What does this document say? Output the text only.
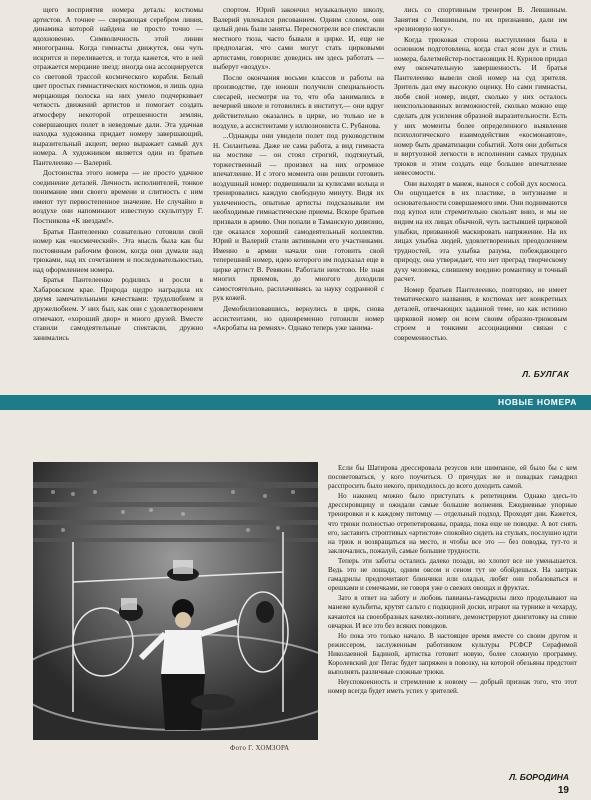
щего восприятия номера деталь: костюмы артистов. А точнее — сверкающая серебром линия, динамика которой найдена не просто точно — вдохновенно. Символичность этой линии многогранна. Когда гимнасты движутся, она чуть искрится и переливается, и тогда кажется, что в ней отражается мерцание звезд: иногда она ассоциируется со световой трассой космического корабля. Белый цвет простых гимнастических костюмов, и лишь одна мерцающая полоска на них умело подчеркивает четкость движений артистов и помогает создать атмосферу некоторой отрешенности землян, совершающих полет в неведомые дали. Эта удачная находка художника придает номеру завершающий, выразительный акцент, верно выражает самый дух номера. А художником является один из братьев Пантелеенко — Валерий.

Достоинства этого номера — не просто удачное соединение деталей. Личность исполнителей, тонкое понимание ими своего времени и слитность с ним имеют тут первостепенное значение. Не случайно в воздухе они напоминают известную скульптуру Г. Постникова «К звездам!».

Братья Пантелеенко сознательно готовили свой номер как «космический». Эта мысль была как бы постоянным рабочим фоном, когда они думали над трюками, над их сочетанием и последовательностью, над оформлением номера.

Братья Пантелеенко родились и росли в Хабаровском крае. Природа щедро наградила их двумя замечательными качествами: трудолюбием и дружелюбием. У них был, как они с удовлетворением отмечают, «хороший двор» и много друзей. Вместе ставили самодеятельные спектакли, дружно занимались

спортом. Юрий закончил музыкальную школу, Валерий увлекался рисованием. Одним словом, они целый день были заняты. Пересмотрели все спектакли местного тюза, часто бывали в цирке. И, еще не предполагая, что сами могут стать цирковыми артистами, говорили: доведись им здесь работать — выберут «воздух».

После окончания восьми классов и работы на производстве, где юноши получили специальность слесарей, несмотря на то, что оба занимались в вечерней школе и готовились в институт,— они вдруг действительно оказались в цирке, но только не в воздухе, а ассистентами у иллюзиониста С. Рубанова.

...Однажды они увидели полет под руководством Н. Силантьева. Даже не сама работа, а вид гимнаста на мостике — он стоял строгий, подтянутый, торжественный — произвел на них огромное впечатление. И с этого момента они решили готовить воздушный номер: подвешивали за кулисами кольца и тренировались каждую свободную минуту. Видя их увлеченность, опытные артисты подсказывали им необходимые гимнастические приемы. Вскоре братьев призвали в армию. Они попали в Таманскую дивизию, где оказался хороший самодеятельный коллектив. Юрий и Валерий стали активными его участниками. Именно в армии начали они готовить свой теперешний номер, идею которого им подсказал еще в цирке артист В. Ревякин. Работали неистово. Не зная многих приемов, до многого доходили самостоятельно, расплачиваясь за науку содранной с рук кожей.

Демобилизовавшись, вернулись в цирк, снова ассистентами, но одновременно готовили номер «Акробаты на ремнях». Однако теперь уже занима-

лись со спортивным тренером В. Левшиным. Занятия с Левшиным, по их признанию, дали им «резиновую ногу».

Когда трюковая сторона выступления была в основном подготовлена, когда стал ясен дух и стиль номера, балетмейстер-постановщик Н. Курилов придал ему окончательную завершенность. И братья Пантелеенко вывели свой номер на суд зрителя. Зритель дал ему высокую оценку. Но сами гимнасты, любя свой номер, видят, сколько у них осталось неиспользованных возможностей, сколько можно еще сделать для усиления образной выразительности. Есть у них моменты более определенного выявления психологического взаимодействия «космонавтов», номер быть драматизации событий. Хотя они добиться и виртуозной легкости в исполнении самых трудных трюков и этим создать еще большее впечатление невесомости.

Они выходят в манеж, вынося с собой дух космоса. Он ощущается в их пластике, в энтузиазме и основательности совершаемого ими. Они поднимаются под купол или стремительно скользят вниз, и мы не видим на их лицах обычной, чуть застывшей цирковой улыбки, призванной маскировать напряжение. На их лицах улыбка людей, удовлетворенных преодолением трудностей, эта улыбка разума, побеждающего природу, она утверждает, что нет преград творческому духу человека, слившему воедино романтику и точный расчет.

Номер братьев Пантелеенко, повторяю, не имеет тематического названия, в костюмах нет конкретных деталей, отвечающих заданной теме, но как истинно цирковой номер он всем своим образно-трюковым строем и тонкими ассоциациями связан с современностью.

Л. БУЛГАК
НОВЫЕ НОМЕРА
Фото Г. ХОМЗОРА

Если бы Шатирова дрессировала резусов или шимпанзе, ей было бы с кем посоветоваться, у кого поучиться. О причудах же и повадках гамадрил расспросить было некого, приходилось до всего доходить самой.

Но наконец можно было приступать к репетициям. Однако здесь-то дрессировщицу и ожидали самые большие волнения. Ежедневные упорные тренировки и к каждому питомцу — отдельный подход. Проходят дни. Кажется, что трюки полностью отрепетированы, правда, пока еще не поводке. А вот снять его, заставить строптивых «артистов» спокойно сидеть на стульях, послушно идти на трюк и возвращаться на место, и чтобы все это — без поводка, тут-то и заключались, пожалуй, самые большие трудности.

Теперь эти заботы остались далеко позади, но хлопот все не уменьшается. Ведь это не лошади, одним овсом и сеном тут не обойдешься. На завтрак гамадрилы предпочитают блинчики или оладьи, любят они побаловаться и орешками и семечками, не говоря уже о свежих овощах и фруктах.

Зато в ответ на заботу и любовь павианы-гамадрилы лихо проделывают на манеже кульбиты, крутят сальто с подкидной доски, играют на турнике в чехарду, качаются на своеобразных качелях-лопинге, демонстрируют джигитовку на спине овчарки. И все это без всяких поводков.

Но пока это только начало. В настоящее время вместе со своим другом и режиссером, заслуженным работником культуры РСФСР Серафимой Николаевной Бадиной, артистка готовит новую, более сложную программу. Королевский дог Пегас будет запряжен в повозку, на которой обезьяны предстоит выполнять различные сложные трюки.

Неуспокоенность и стремление к новому — добрый признак того, что этот номер всегда будет иметь успех у зрителей.

Л. БОРОДИНА
19
